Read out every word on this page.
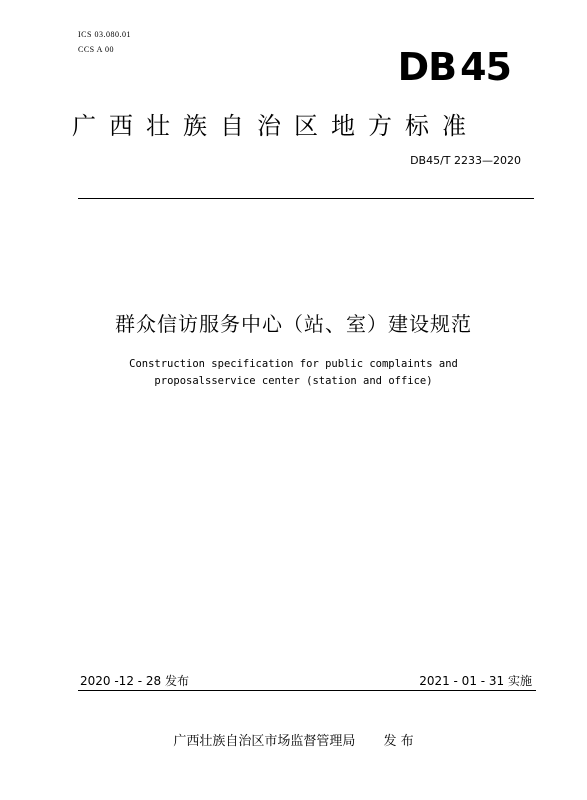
ICS 03.080.01
CCS A 00	DB 45
广西壮族自治区地方标准
DB45/T 2233—2020
群众信访服务中心（站、室）建设规范
Construction specification for public complaints and
proposalsservice center (station and office)
2020 -12 - 28 发布	2021 - 01 - 31 实施
广西壮族自治区市场监督管理局 发 布
